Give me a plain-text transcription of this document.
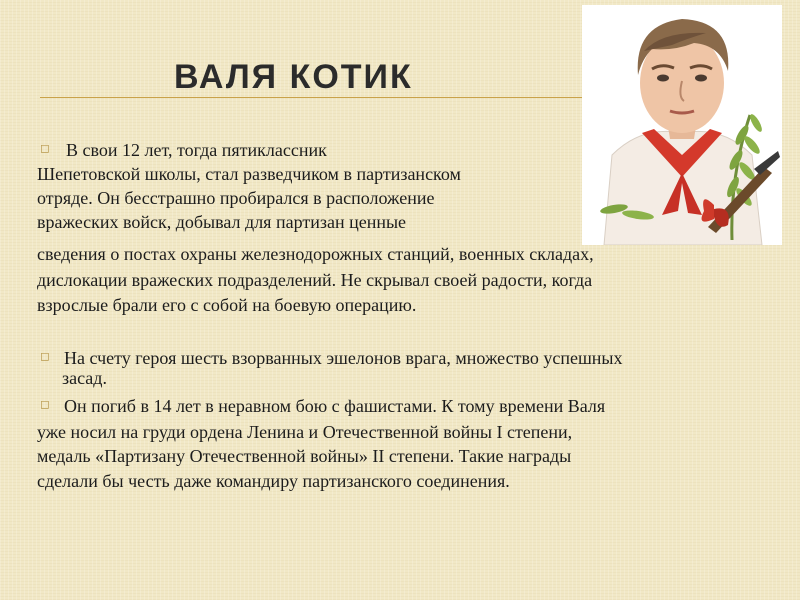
ВАЛЯ КОТИК
◻ В свои 12 лет, тогда пятиклассник

Шепетовской школы, стал разведчиком в партизанском

отряде. Он бесстрашно пробирался в расположение

вражеских войск, добывал для партизан ценные

сведения о постах охраны железнодорожных станций, военных складах,

дислокации вражеских подразделений. Не скрывал своей радости, когда

взрослые брали его с собой на боевую операцию.

◻ На счету героя шесть взорванных эшелонов врага, множество успешных

засад.

◻ Он погиб в 14 лет в неравном бою с фашистами. К тому времени Валя

уже носил на груди ордена Ленина и Отечественной войны I степени,

медаль «Партизану Отечественной войны» II степени. Такие награды

сделали бы честь даже командиру партизанского соединения.
